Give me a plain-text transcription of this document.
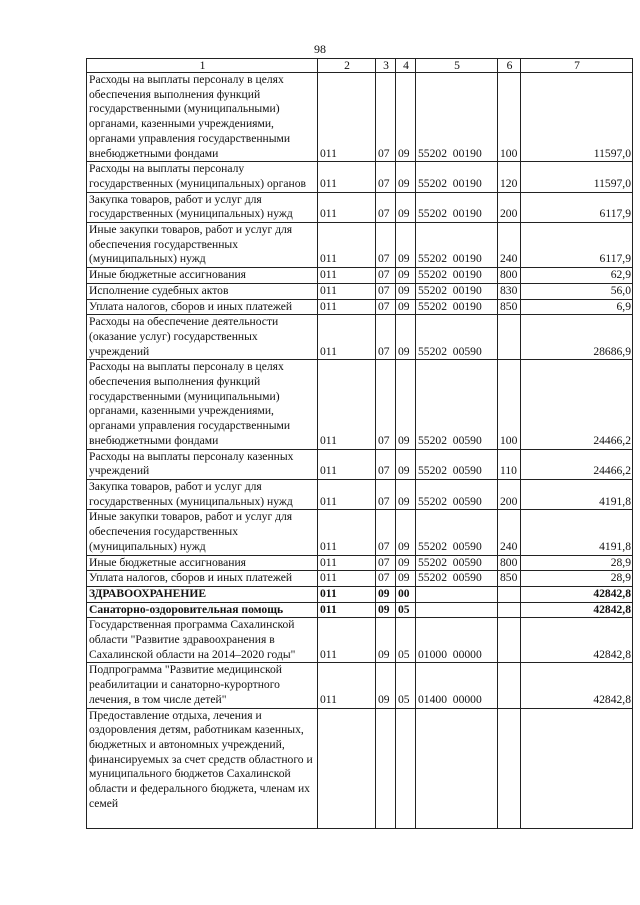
98
1	2	3	4	5	6	7
Расходы на выплаты персоналу в целях обеспечения выполнения функций государственными (муниципальными) органами, казенными учреждениями, органами управления государственными внебюджетными фондами	011	07	09	55202  00190	100	11597,0
Расходы на выплаты персоналу государственных (муниципальных) органов	011	07	09	55202  00190	120	11597,0
Закупка товаров, работ и услуг для государственных (муниципальных) нужд	011	07	09	55202  00190	200	6117,9
Иные закупки товаров, работ и услуг для обеспечения государственных (муниципальных) нужд	011	07	09	55202  00190	240	6117,9
Иные бюджетные ассигнования	011	07	09	55202  00190	800	62,9
Исполнение судебных актов	011	07	09	55202  00190	830	56,0
Уплата налогов, сборов и иных платежей	011	07	09	55202  00190	850	6,9
Расходы на обеспечение деятельности (оказание услуг) государственных учреждений	011	07	09	55202  00590		28686,9
Расходы на выплаты персоналу в целях обеспечения выполнения функций государственными (муниципальными) органами, казенными учреждениями, органами управления государственными внебюджетными фондами	011	07	09	55202  00590	100	24466,2
Расходы на выплаты персоналу казенных учреждений	011	07	09	55202  00590	110	24466,2
Закупка товаров, работ и услуг для государственных (муниципальных) нужд	011	07	09	55202  00590	200	4191,8
Иные закупки товаров, работ и услуг для обеспечения государственных (муниципальных) нужд	011	07	09	55202  00590	240	4191,8
Иные бюджетные ассигнования	011	07	09	55202  00590	800	28,9
Уплата налогов, сборов и иных платежей	011	07	09	55202  00590	850	28,9
ЗДРАВООХРАНЕНИЕ	011	09	00			42842,8
Санаторно-оздоровительная помощь	011	09	05			42842,8
Государственная программа Сахалинской области "Развитие здравоохранения в Сахалинской области на 2014–2020 годы"	011	09	05	01000  00000		42842,8
Подпрограмма "Развитие медицинской реабилитации и санаторно-курортного лечения, в том числе детей"	011	09	05	01400  00000		42842,8
Предоставление отдыха, лечения и оздоровления детям, работникам казенных, бюджетных и автономных учреждений, финансируемых за счет средств областного и муниципального бюджетов Сахалинской области и федерального бюджета, членам их семей						
